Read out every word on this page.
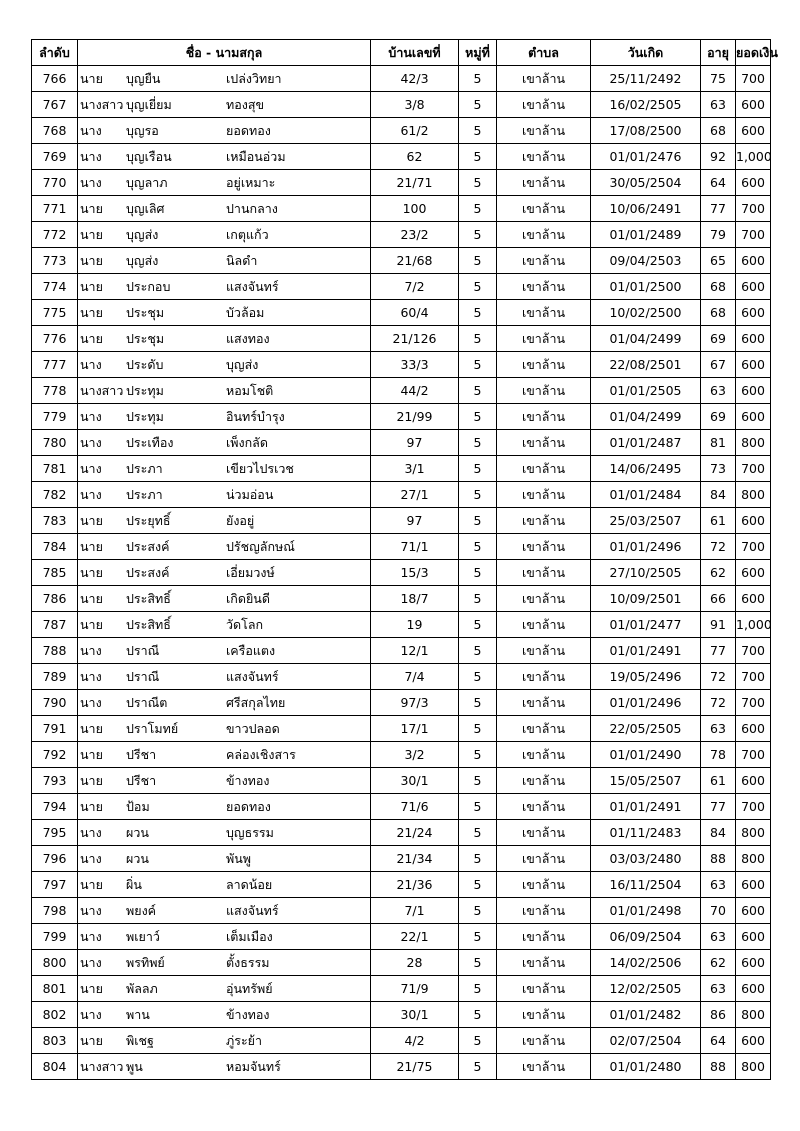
ลำดับ	ชื่อ - นามสกุล	บ้านเลขที่	หมู่ที่	ตำบล	วันเกิด	อายุ	ยอดเงิน
766	นาย บุญยืน เปล่งวิทยา	42/3	5	เขาล้าน	25/11/2492	75	700
767	นางสาว บุญเยี่ยม ทองสุข	3/8	5	เขาล้าน	16/02/2505	63	600
768	นาง บุญรอ ยอดทอง	61/2	5	เขาล้าน	17/08/2500	68	600
769	นาง บุญเรือน เหมือนอ่วม	62	5	เขาล้าน	01/01/2476	92	1,000
770	นาง บุญลาภ อยู่เหมาะ	21/71	5	เขาล้าน	30/05/2504	64	600
771	นาย บุญเลิศ ปานกลาง	100	5	เขาล้าน	10/06/2491	77	700
772	นาย บุญส่ง เกตุแก้ว	23/2	5	เขาล้าน	01/01/2489	79	700
773	นาย บุญส่ง นิลดำ	21/68	5	เขาล้าน	09/04/2503	65	600
774	นาย ประกอบ แสงจันทร์	7/2	5	เขาล้าน	01/01/2500	68	600
775	นาย ประชุม บัวล้อม	60/4	5	เขาล้าน	10/02/2500	68	600
776	นาย ประชุม แสงทอง	21/126	5	เขาล้าน	01/04/2499	69	600
777	นาง ประดับ บุญส่ง	33/3	5	เขาล้าน	22/08/2501	67	600
778	นางสาว ประทุม หอมโชติ	44/2	5	เขาล้าน	01/01/2505	63	600
779	นาง ประทุม อินทร์บำรุง	21/99	5	เขาล้าน	01/04/2499	69	600
780	นาง ประเทือง เพ็งกลัด	97	5	เขาล้าน	01/01/2487	81	800
781	นาง ประภา เขียวไปรเวช	3/1	5	เขาล้าน	14/06/2495	73	700
782	นาง ประภา น่วมอ่อน	27/1	5	เขาล้าน	01/01/2484	84	800
783	นาย ประยุทธิ์ ยังอยู่	97	5	เขาล้าน	25/03/2507	61	600
784	นาย ประสงค์ ปรัชญลักษณ์	71/1	5	เขาล้าน	01/01/2496	72	700
785	นาย ประสงค์ เอี่ยมวงษ์	15/3	5	เขาล้าน	27/10/2505	62	600
786	นาย ประสิทธิ์ เกิดยินดี	18/7	5	เขาล้าน	10/09/2501	66	600
787	นาย ประสิทธิ์ วัดโลก	19	5	เขาล้าน	01/01/2477	91	1,000
788	นาง ปราณี เครือแตง	12/1	5	เขาล้าน	01/01/2491	77	700
789	นาง ปราณี แสงจันทร์	7/4	5	เขาล้าน	19/05/2496	72	700
790	นาง ปราณีต ศรีสกุลไทย	97/3	5	เขาล้าน	01/01/2496	72	700
791	นาย ปราโมทย์ ขาวปลอด	17/1	5	เขาล้าน	22/05/2505	63	600
792	นาย ปรีชา คล่องเชิงสาร	3/2	5	เขาล้าน	01/01/2490	78	700
793	นาย ปรีชา ข้างทอง	30/1	5	เขาล้าน	15/05/2507	61	600
794	นาย ป้อม ยอดทอง	71/6	5	เขาล้าน	01/01/2491	77	700
795	นาง ผวน บุญธรรม	21/24	5	เขาล้าน	01/11/2483	84	800
796	นาง ผวน พันพู	21/34	5	เขาล้าน	03/03/2480	88	800
797	นาย ผิ่น ลาดน้อย	21/36	5	เขาล้าน	16/11/2504	63	600
798	นาง พยงค์ แสงจันทร์	7/1	5	เขาล้าน	01/01/2498	70	600
799	นาง พเยาว์ เต็มเมือง	22/1	5	เขาล้าน	06/09/2504	63	600
800	นาง พรทิพย์ ตั้งธรรม	28	5	เขาล้าน	14/02/2506	62	600
801	นาย พัลลภ อุ่นทรัพย์	71/9	5	เขาล้าน	12/02/2505	63	600
802	นาง พาน ข้างทอง	30/1	5	เขาล้าน	01/01/2482	86	800
803	นาย พิเชฐ ภู่ระย้า	4/2	5	เขาล้าน	02/07/2504	64	600
804	นางสาว พูน หอมจันทร์	21/75	5	เขาล้าน	01/01/2480	88	800
